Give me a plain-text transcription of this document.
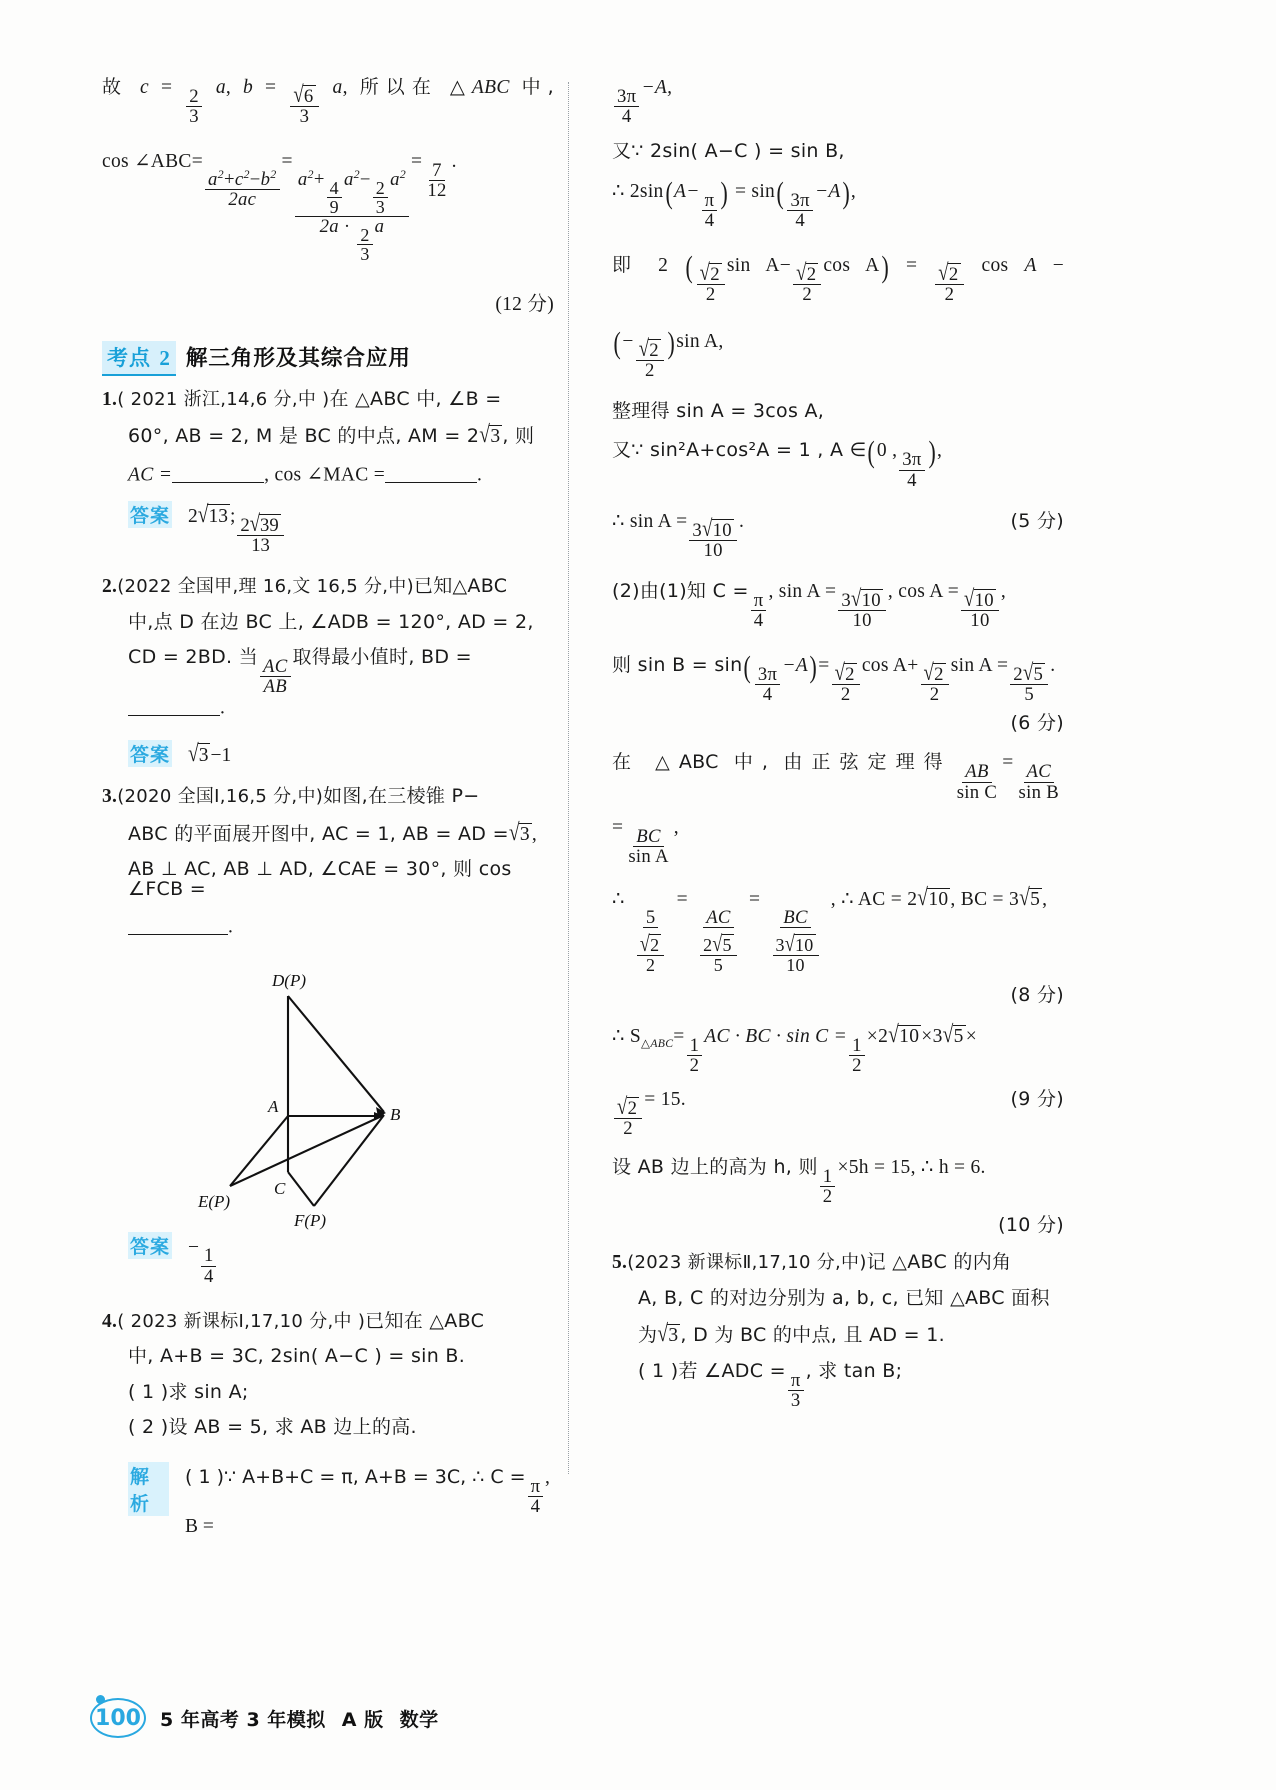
故 $c = \frac{2}{3} a$, $b = \frac{√6}{3} a$, 所以在 △ABC 中,
cos ∠ABC=
$\frac{a^2+c^2-b^2}{2ac}$
=
$\frac{a^2+ \frac{4}{9} a^2- \frac{2}{3} a^2}{2a \cdot \frac{2}{3} a}$
= $\frac{7}{12}$ .
(12 分)
考点 2 解三角形及其综合应用
1.( 2021 浙江,14,6 分,中 )在 △ABC 中, ∠B =
60°, AB = 2, M 是 BC 的中点, AM = 2√3 , 则
AC =	, cos ∠MAC =	.
答案 2√13 ; $\frac{2√39}{13}$
2.(2022 全国甲,理 16,文 16,5 分,中)已知△ABC
中,点 D 在边 BC 上, ∠ADB = 120°, AD = 2,
CD = 2BD. 当 $\frac{AC}{AB}$ 取得最小值时, BD =.
答案 √3 −1
3.(2020 全国Ⅰ,16,5 分,中)如图,在三棱锥 P−
ABC 的平面展开图中, AC = 1, AB = AD =√3 ,
AB ⊥ AC, AB ⊥ AD, ∠CAE = 30°, 则 cos ∠FCB =
.
D(P)
A	B
C
E(P)
F(P)
答案 − $\frac{1}{4}$
4.( 2023 新课标Ⅰ,17,10 分,中 )已知在 △ABC
中, A+B = 3C, 2sin( A−C ) = sin B.
( 1 )求 sin A;
( 2 )设 AB = 5, 求 AB 边上的高.
解析
( 1 )∵ A+B+C = π, A+B = 3C, ∴ $C = \frac{\pi}{4}$ , B =
$\frac{3\pi}{4} -A$,
又∵ 2sin( A−C ) = sin B,
∴ $2\sin(A- \frac{\pi}{4}$ ) = $\sin( \frac{3\pi}{4} -A)$,
即 2 ( $\frac{√2}{2}$ $\sin A- \frac{√2}{2}$ $\cos A) = \frac{√2}{2}$ cos A −
(− $\frac{√2}{2} )\sin$ A,
整理得 sin A = 3cos A,
又∵ sin²A+cos²A = 1 , A ∈(0 , $\frac{3\pi}{4}$ ),
∴ $\sin A = \frac{3√10}{10}$ .	(5 分)
(2)由(1)知 $C = \frac{\pi}{4}$ , $\sin A = \frac{3√10}{10}$ , $\cos A = \frac{√10}{10}$ ,
则 $\sin B = \sin( \frac{3\pi}{4} -A)= \frac{√2}{2}$ $\cos A+ \frac{√2}{2}$ $\sin A = \frac{2√5}{5}$ .
(6 分)
在 △ABC 中, 由正弦定理得 $\frac{AB}{\text{sin C}} = \frac{AC}{\text{sin B}}$
= $\frac{BC}{\text{sin A}}$ ,
∴
$\frac{5}{\frac{√2}{2}}$
=
$\frac{AC}{\frac{2√5}{5}}$
=
$\frac{BC}{\frac{3√10}{10}}$
, ∴ AC = 2√10 , BC = 3√5 ,
(8 分)
∴ $S_{\triangle ABC}= \frac{1}{2}$ AC · BC · $\sin C = \frac{1}{2} \times 2√10 \times 3√5$ ×
$\frac{√2}{2} = 15$.	(9 分)
设 AB 边上的高为 h, 则 $\frac{1}{2} \times 5h = 15$, ∴ h = 6.
(10 分)
5.(2023 新课标Ⅱ,17,10 分,中)记 △ABC 的内角
A, B, C 的对边分别为 a, b, c, 已知 △ABC 面积
为√3 , D 为 BC 的中点, 且 AD = 1.
( 1 )若 ∠ADC = $\frac{\pi}{3}$ , 求 tan B;
100 5 年高考 3 年模拟 A 版 数学
